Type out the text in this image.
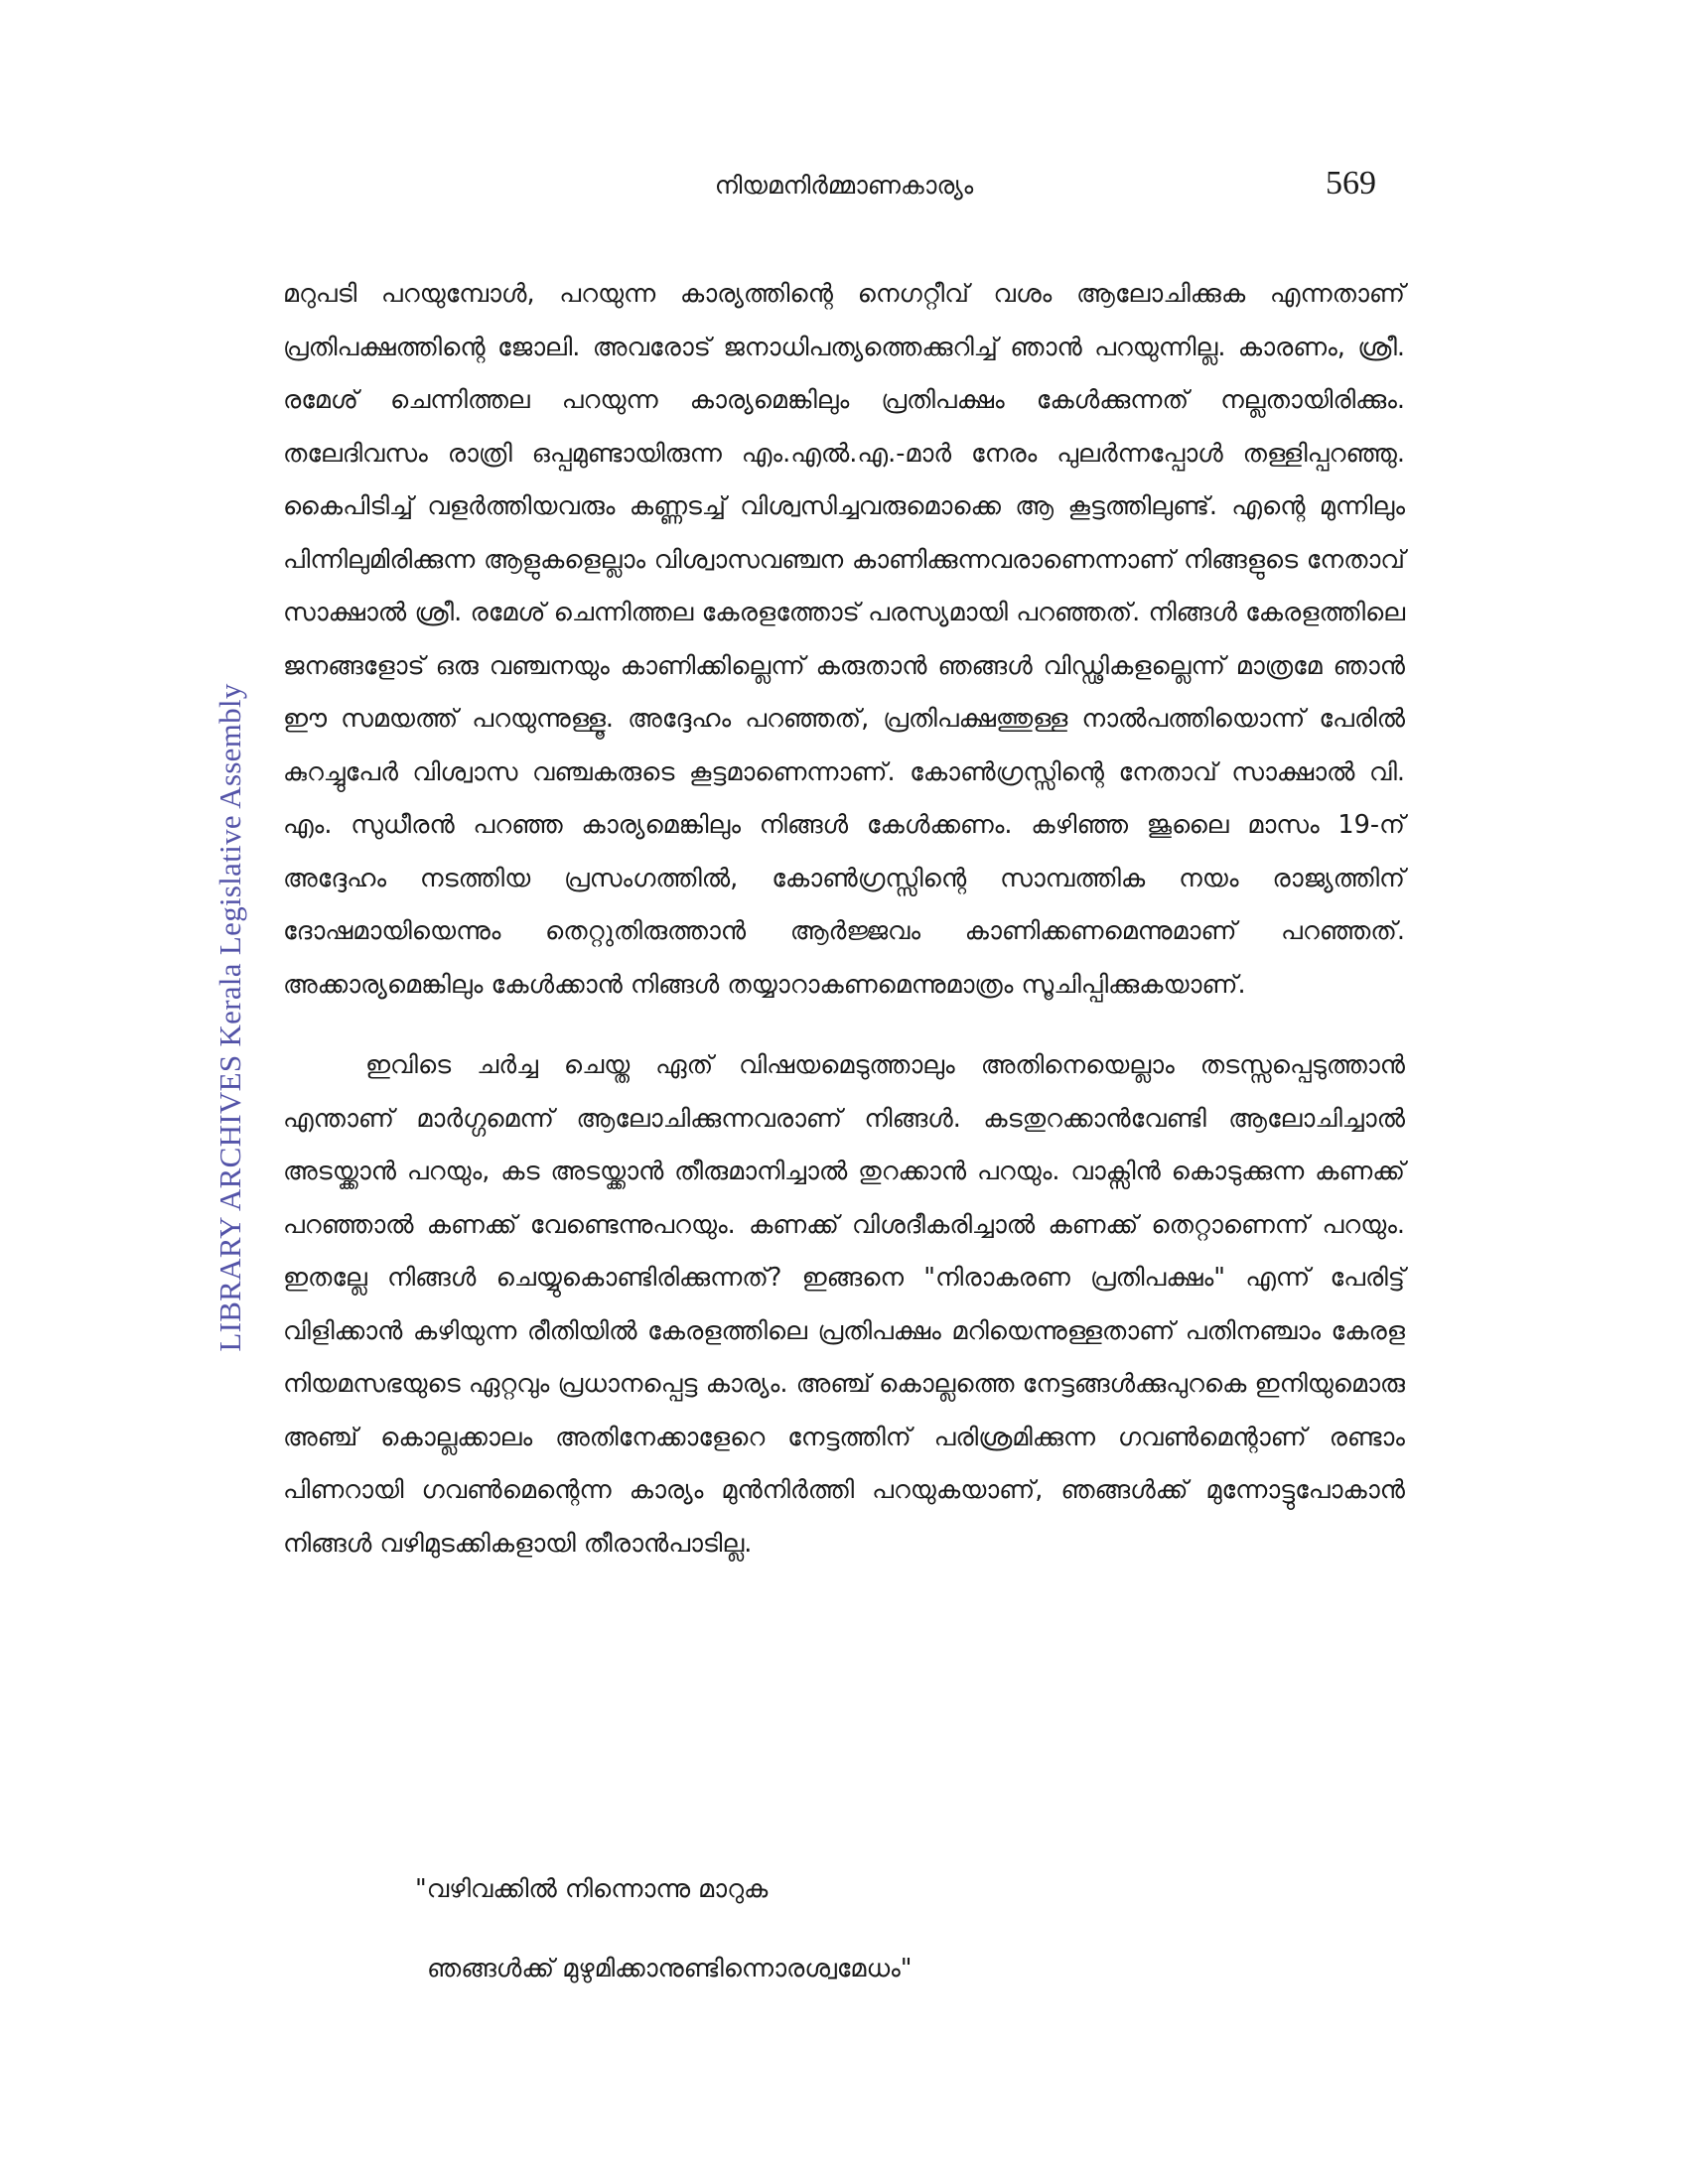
നിയമനിർമ്മാണകാര്യം	569
LIBRARY ARCHIVES Kerala Legislative Assembly

മറുപടി പറയുമ്പോൾ, പറയുന്ന കാര്യത്തിന്റെ നെഗറ്റീവ് വശം ആലോചിക്കുക എന്നതാണ് പ്രതിപക്ഷത്തിന്റെ ജോലി. അവരോട് ജനാധിപത്യത്തെക്കുറിച്ച് ഞാൻ പറയുന്നില്ല. കാരണം, ശ്രീ. രമേശ് ചെന്നിത്തല പറയുന്ന കാര്യമെങ്കിലും പ്രതിപക്ഷം കേൾക്കുന്നത് നല്ലതായിരിക്കും. തലേദിവസം രാത്രി ഒപ്പമുണ്ടായിരുന്ന എം.എൽ.എ.-മാർ നേരം പുലർന്നപ്പോൾ തള്ളിപ്പറഞ്ഞു. കൈപിടിച്ച് വളർത്തിയവരും കണ്ണടച്ച് വിശ്വസിച്ചവരുമൊക്കെ ആ കൂട്ടത്തിലുണ്ട്. എന്റെ മുന്നിലും പിന്നിലുമിരിക്കുന്ന ആളുകളെല്ലാം വിശ്വാസവഞ്ചന കാണിക്കുന്നവരാണെന്നാണ് നിങ്ങളുടെ നേതാവ് സാക്ഷാൽ ശ്രീ. രമേശ് ചെന്നിത്തല കേരളത്തോട് പരസ്യമായി പറഞ്ഞത്. നിങ്ങൾ കേരളത്തിലെ ജനങ്ങളോട് ഒരു വഞ്ചനയും കാണിക്കില്ലെന്ന് കരുതാൻ ഞങ്ങൾ വിഡ്ഢികളല്ലെന്ന് മാത്രമേ ഞാൻ ഈ സമയത്ത് പറയുന്നുള്ളൂ. അദ്ദേഹം പറഞ്ഞത്, പ്രതിപക്ഷത്തുള്ള നാൽപത്തിയൊന്ന് പേരിൽ കുറച്ചുപേർ വിശ്വാസ വഞ്ചകരുടെ കൂട്ടമാണെന്നാണ്. കോൺഗ്രസ്സിന്റെ നേതാവ് സാക്ഷാൽ വി. എം. സുധീരൻ പറഞ്ഞ കാര്യമെങ്കിലും നിങ്ങൾ കേൾക്കണം. കഴിഞ്ഞ ജൂലൈ മാസം 19-ന് അദ്ദേഹം നടത്തിയ പ്രസംഗത്തിൽ, കോൺഗ്രസ്സിന്റെ സാമ്പത്തിക നയം രാജ്യത്തിന് ദോഷമായിയെന്നും തെറ്റുതിരുത്താൻ ആർജ്ജവം കാണിക്കണമെന്നുമാണ് പറഞ്ഞത്. അക്കാര്യമെങ്കിലും കേൾക്കാൻ നിങ്ങൾ തയ്യാറാകണമെന്നുമാത്രം സൂചിപ്പിക്കുകയാണ്.

ഇവിടെ ചർച്ച ചെയ്ത ഏത് വിഷയമെടുത്താലും അതിനെയെല്ലാം തടസ്സപ്പെടുത്താൻ എന്താണ് മാർഗ്ഗമെന്ന് ആലോചിക്കുന്നവരാണ് നിങ്ങൾ. കടതുറക്കാൻവേണ്ടി ആലോചിച്ചാൽ അടയ്ക്കാൻ പറയും, കട അടയ്ക്കാൻ തീരുമാനിച്ചാൽ തുറക്കാൻ പറയും. വാക്സിൻ കൊടുക്കുന്ന കണക്ക് പറഞ്ഞാൽ കണക്ക് വേണ്ടെന്നുപറയും. കണക്ക് വിശദീകരിച്ചാൽ കണക്ക് തെറ്റാണെന്ന് പറയും. ഇതല്ലേ നിങ്ങൾ ചെയ്യുകൊണ്ടിരിക്കുന്നത്? ഇങ്ങനെ "നിരാകരണ പ്രതിപക്ഷം" എന്ന് പേരിട്ട് വിളിക്കാൻ കഴിയുന്ന രീതിയിൽ കേരളത്തിലെ പ്രതിപക്ഷം മറിയെന്നുള്ളതാണ് പതിനഞ്ചാം കേരള നിയമസഭയുടെ ഏറ്റവും പ്രധാനപ്പെട്ട കാര്യം. അഞ്ച് കൊല്ലത്തെ നേട്ടങ്ങൾക്കുപുറകെ ഇനിയുമൊരു അഞ്ച് കൊല്ലക്കാലം അതിനേക്കാളേറെ നേട്ടത്തിന് പരിശ്രമിക്കുന്ന ഗവൺമെന്റാണ് രണ്ടാം പിണറായി ഗവൺമെന്റെന്ന കാര്യം മുൻനിർത്തി പറയുകയാണ്, ഞങ്ങൾക്ക് മുന്നോട്ടുപോകാൻ നിങ്ങൾ വഴിമുടക്കികളായി തീരാൻപാടില്ല.

"വഴിവക്കിൽ നിന്നൊന്നു മാറുക
ഞങ്ങൾക്ക് മുഴുമിക്കാനുണ്ടിന്നൊരശ്വമേധം"
